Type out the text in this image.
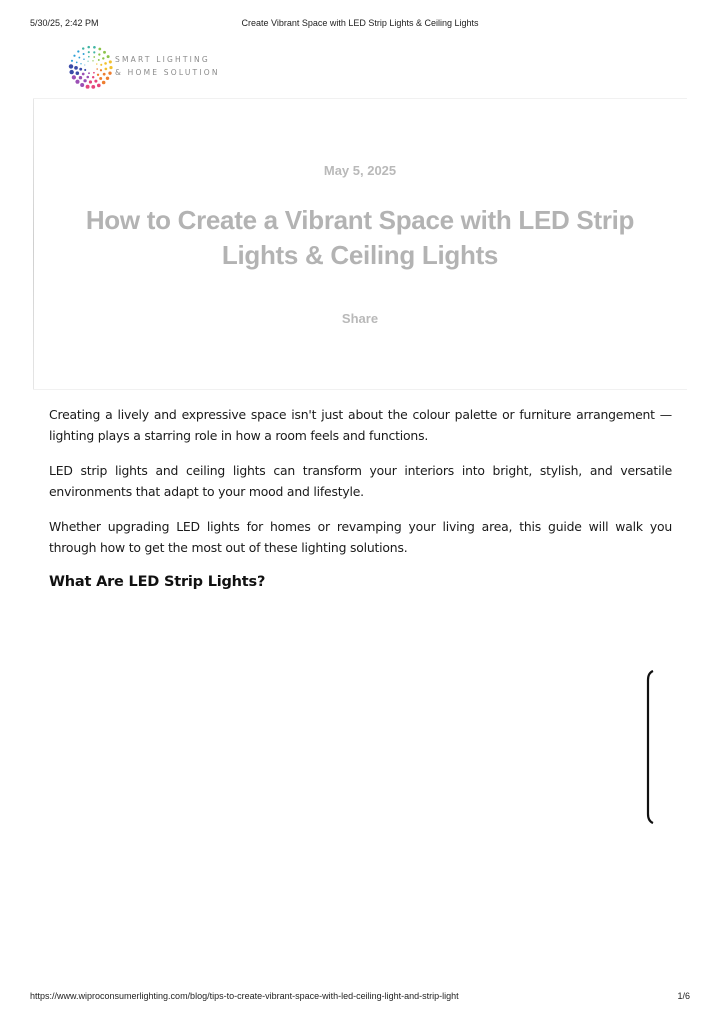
5/30/25, 2:42 PM	Create Vibrant Space with LED Strip Lights & Ceiling Lights
SMART LIGHTING
& HOME SOLUTION
May 5, 2025
How to Create a Vibrant Space with LED Strip
Lights & Ceiling Lights
Share

Creating a lively and expressive space isn't just about the colour palette or furniture arrangement — lighting plays a starring role in how a room feels and functions.

LED strip lights and ceiling lights can transform your interiors into bright, stylish, and versatile environments that adapt to your mood and lifestyle.

Whether upgrading LED lights for homes or revamping your living area, this guide will walk you through how to get the most out of these lighting solutions.

What Are LED Strip Lights?
https://www.wiproconsumerlighting.com/blog/tips-to-create-vibrant-space-with-led-ceiling-light-and-strip-light	1/6
